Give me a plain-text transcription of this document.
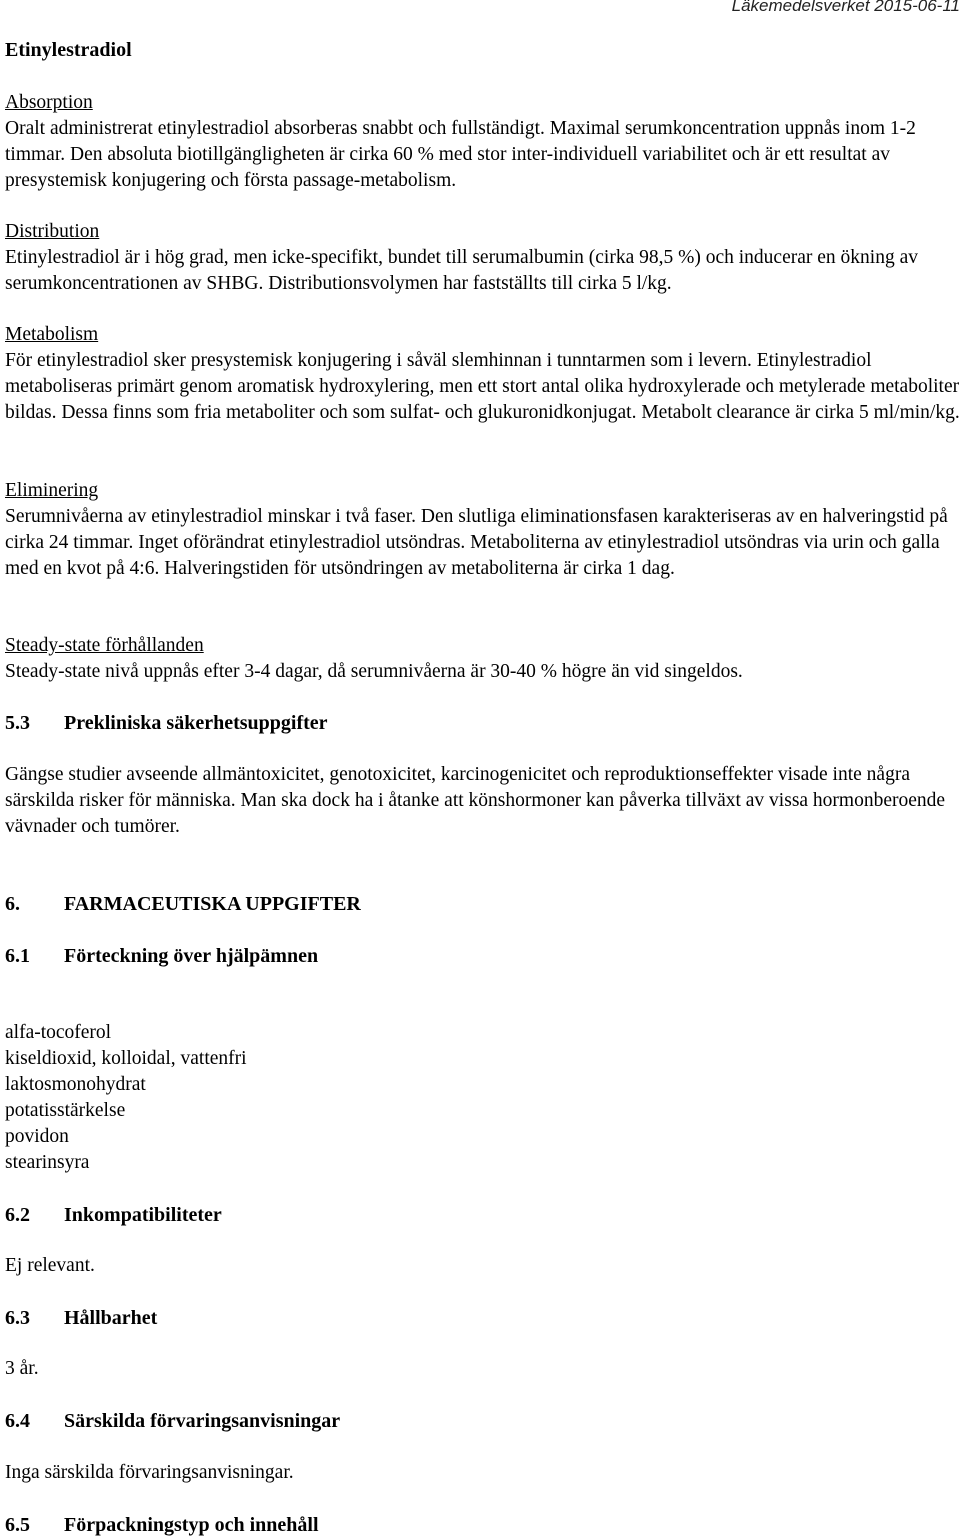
Läkemedelsverket 2015-06-11
Etinylestradiol
Absorption
Oralt administrerat etinylestradiol absorberas snabbt och fullständigt. Maximal serumkoncentration uppnås inom 1-2 timmar. Den absoluta biotillgängligheten är cirka 60 % med stor inter-individuell variabilitet och är ett resultat av presystemisk konjugering och första passage-metabolism.
Distribution
Etinylestradiol är i hög grad, men icke-specifikt, bundet till serumalbumin (cirka 98,5 %) och inducerar en ökning av serumkoncentrationen av SHBG. Distributionsvolymen har fastställts till cirka 5 l/kg.
Metabolism
För etinylestradiol sker presystemisk konjugering i såväl slemhinnan i tunntarmen som i levern. Etinylestradiol metaboliseras primärt genom aromatisk hydroxylering, men ett stort antal olika hydroxylerade och metylerade metaboliter bildas. Dessa finns som fria metaboliter och som sulfat- och glukuronidkonjugat. Metabolt clearance är cirka 5 ml/min/kg.
Eliminering
Serumnivåerna av etinylestradiol minskar i två faser. Den slutliga eliminationsfasen karakteriseras av en halveringstid på cirka 24 timmar. Inget oförändrat etinylestradiol utsöndras. Metaboliterna av etinylestradiol utsöndras via urin och galla med en kvot på 4:6. Halveringstiden för utsöndringen av metaboliterna är cirka 1 dag.
Steady-state förhållanden
Steady-state nivå uppnås efter 3-4 dagar, då serumnivåerna är 30-40 % högre än vid singeldos.
5.3 Prekliniska säkerhetsuppgifter
Gängse studier avseende allmäntoxicitet, genotoxicitet, karcinogenicitet och reproduktionseffekter visade inte några särskilda risker för människa. Man ska dock ha i åtanke att könshormoner kan påverka tillväxt av vissa hormonberoende vävnader och tumörer.
6. FARMACEUTISKA UPPGIFTER
6.1 Förteckning över hjälpämnen
alfa-tocoferol
kiseldioxid, kolloidal, vattenfri
laktosmonohydrat
potatisstärkelse
povidon
stearinsyra
6.2 Inkompatibiliteter
Ej relevant.
6.3 Hållbarhet
3 år.
6.4 Särskilda förvaringsanvisningar
Inga särskilda förvaringsanvisningar.
6.5 Förpackningstyp och innehåll
